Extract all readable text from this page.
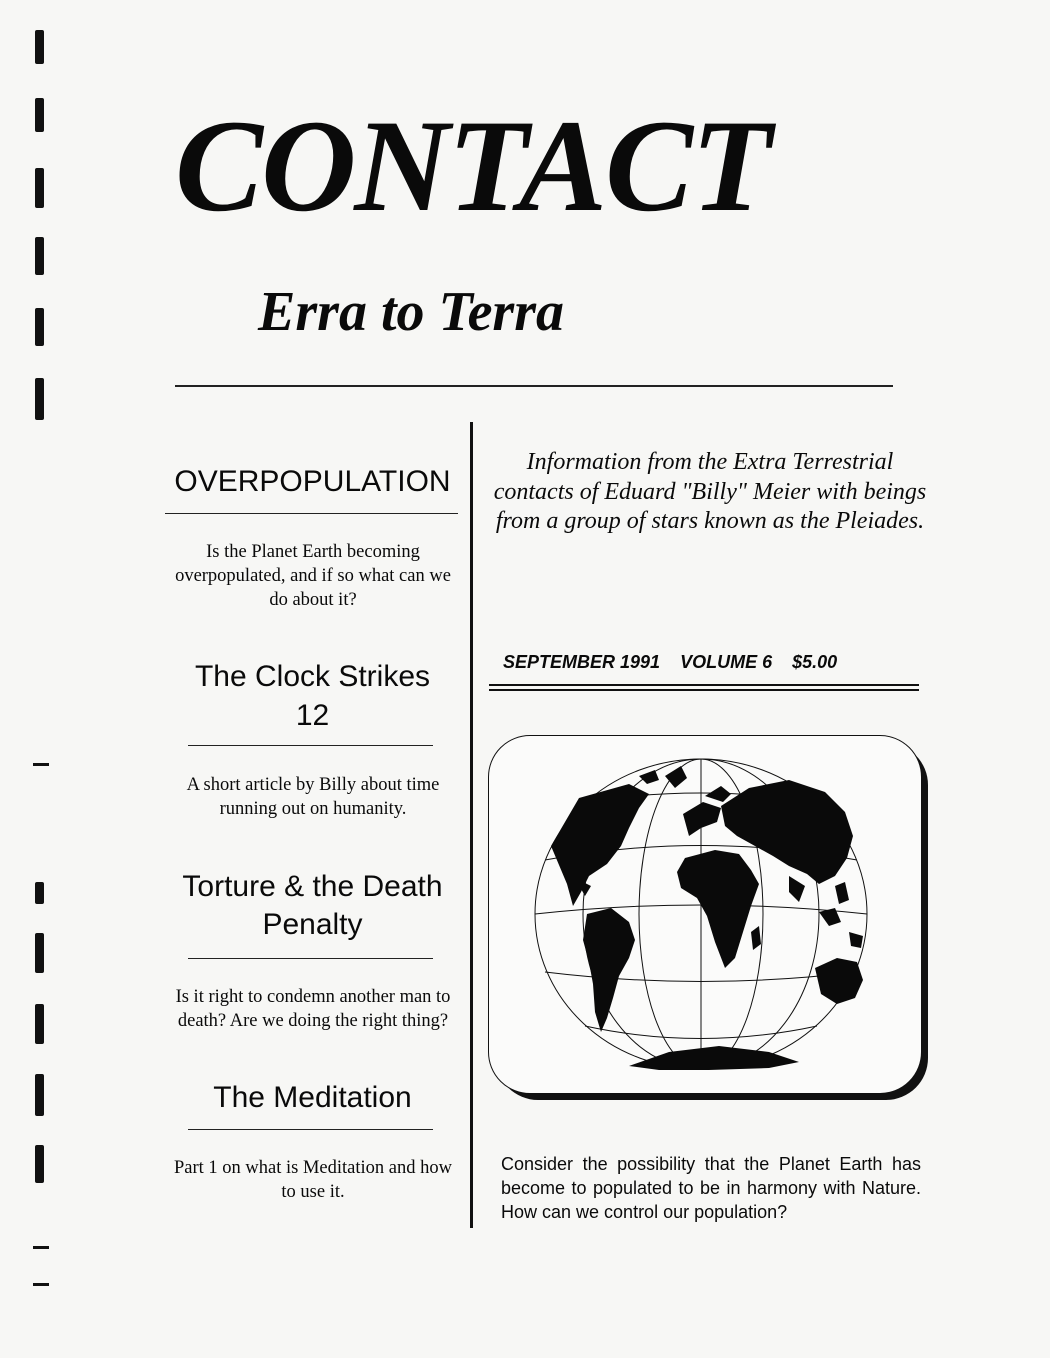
CONTACT
Erra to Terra
OVERPOPULATION
Is the Planet Earth becoming overpopulated, and if so what can we do about it?
The Clock Strikes
12
A short article by Billy about time running out on humanity.
Torture & the Death
Penalty
Is it right to condemn another man to death? Are we doing the right thing?
The Meditation
Part 1 on what is Meditation and how to use it.
Information from the Extra Terrestrial contacts of Eduard "Billy" Meier with beings from a group of stars known as the Pleiades.
SEPTEMBER 1991 VOLUME 6 $5.00
Consider the possibility that the Planet Earth has become to populated to be in harmony with Nature. How can we control our population?
